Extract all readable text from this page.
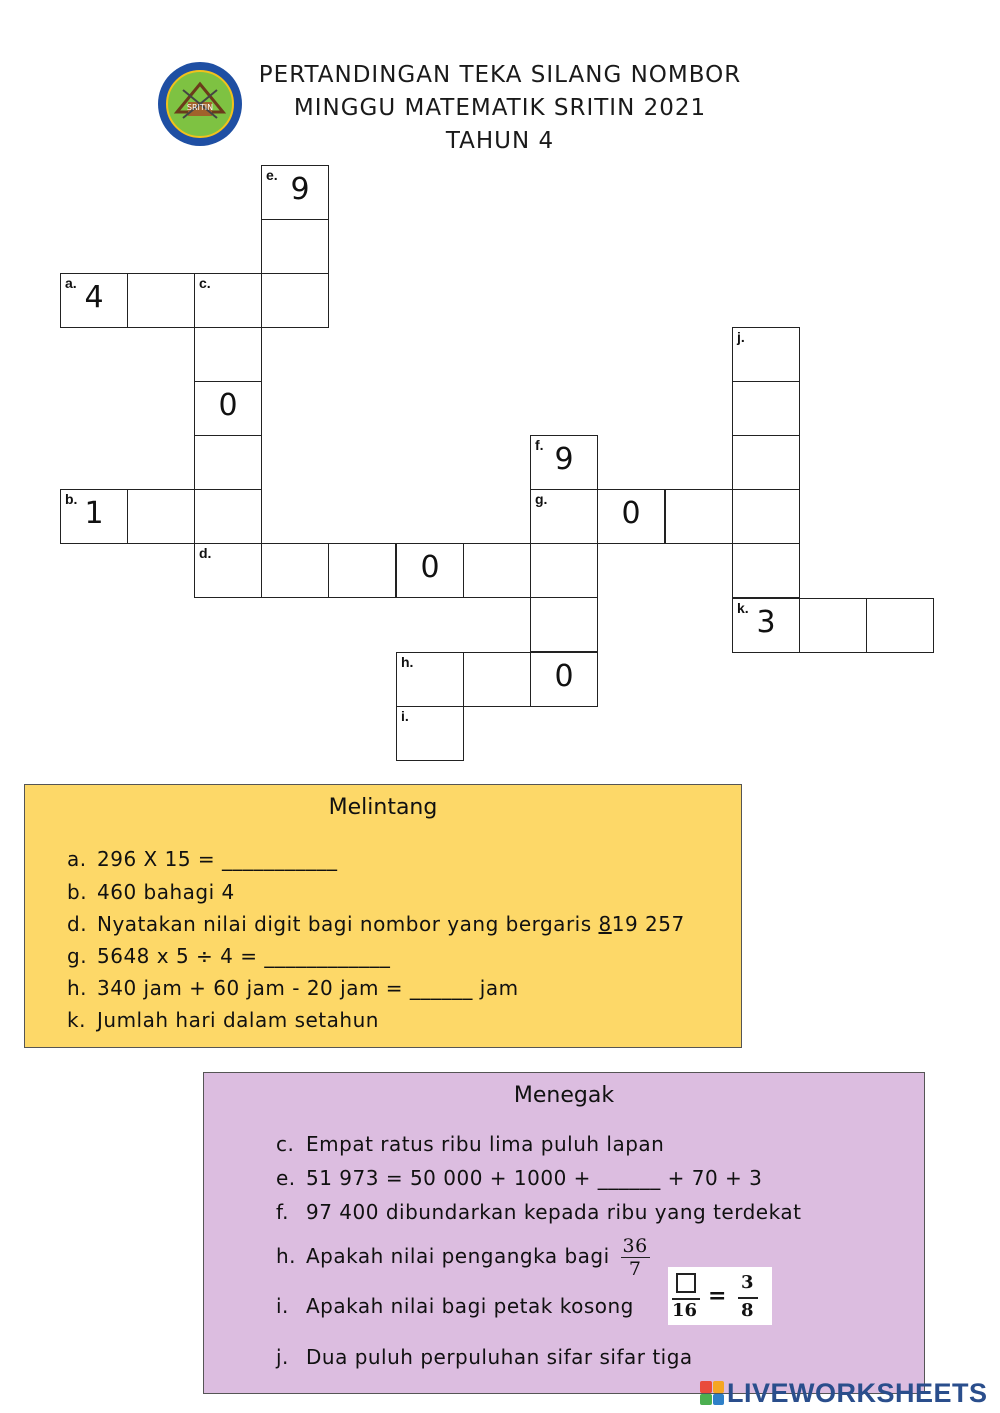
SRITIN
PERTANDINGAN TEKA SILANG NOMBOR
MINGGU MATEMATIK SRITIN 2021
TAHUN 4
e. 9
a. 4	c.
0
b. 1
d.	0
f. 9
g.	0
j.
k. 3
h.	0
i.
Melintang
a. 296 X 15 = ___________
b. 460 bahagi 4
d. Nyatakan nilai digit bagi nombor yang bergaris 819 257
g. 5648 x 5 ÷ 4 = ____________
h. 340 jam + 60 jam - 20 jam = ______ jam
k. Jumlah hari dalam setahun
Menegak
c. Empat ratus ribu lima puluh lapan
e. 51 973 = 50 000 + 1000 + ______ + 70 + 3
f. 97 400 dibundarkan kepada ribu yang terdekat
h. Apakah nilai pengangka bagi $\frac{36}{7}$
i. Apakah nilai bagi petak kosong
j. Dua puluh perpuluhan sifar sifar tiga
16
=
3
8
LIVEWORKSHEETS
